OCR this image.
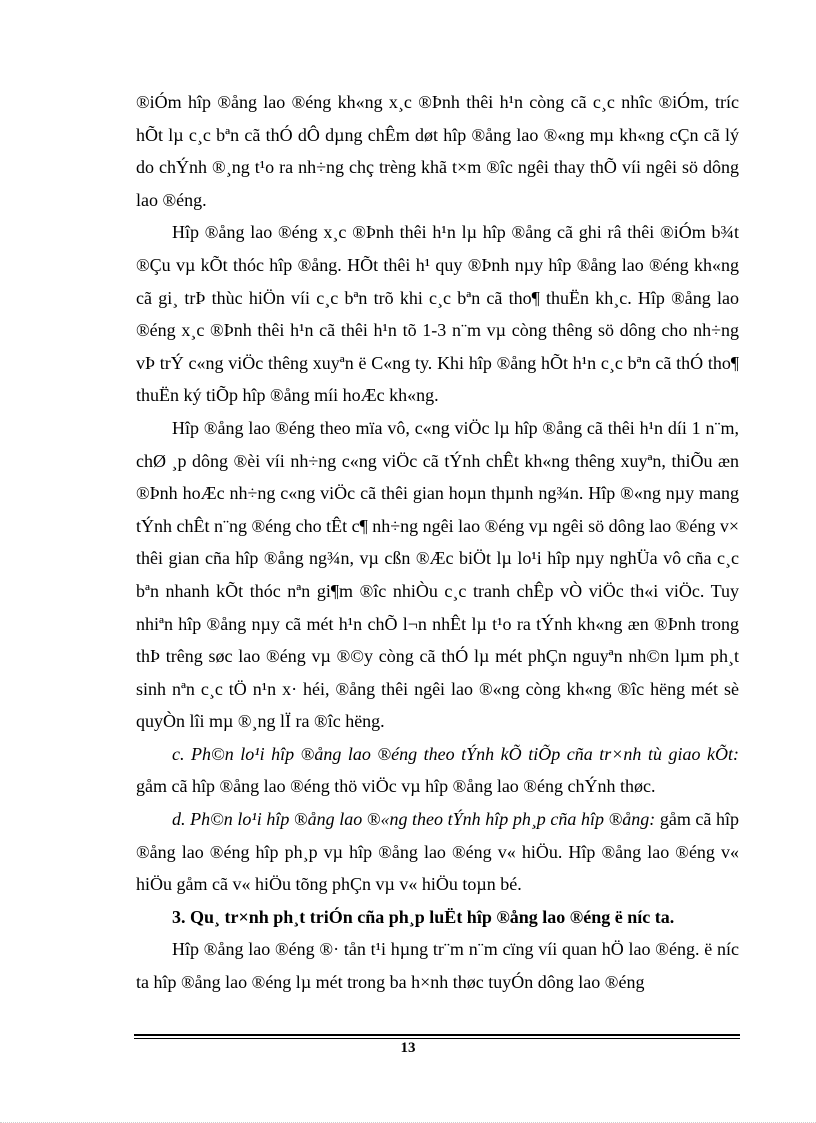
®iÓm hîp ®ång lao ®éng kh«ng x¸c ®Þnh thêi h¹n còng cã c¸c nhîc ®iÓm, tríc hÕt lµ c¸c bªn cã thÓ dÔ dµng chÊm døt hîp ®ång lao ®«ng mµ kh«ng cÇn cã lý do chÝnh ®¸ng t¹o ra nh÷ng chç trèng khã t×m ®îc ngêi thay thÕ víi ngêi sö dông lao ®éng.

Hîp ®ång lao ®éng x¸c ®Þnh thêi h¹n lµ hîp ®ång cã ghi râ thêi ®iÓm b¾t ®Çu vµ kÕt thóc hîp ®ång. HÕt thêi h¹ quy ®Þnh nµy hîp ®ång lao ®éng kh«ng cã gi¸ trÞ thùc hiÖn víi c¸c bªn trõ khi c¸c bªn cã tho¶ thuËn kh¸c. Hîp ®ång lao ®éng x¸c ®Þnh thêi h¹n cã thêi h¹n tõ 1-3 n¨m vµ còng thêng sö dông cho nh÷ng vÞ trÝ c«ng viÖc thêng xuyªn ë C«ng ty. Khi hîp ®ång hÕt h¹n c¸c bªn cã thÓ tho¶ thuËn ký tiÕp hîp ®ång míi hoÆc kh«ng.

Hîp ®ång lao ®éng theo mïa vô, c«ng viÖc lµ hîp ®ång cã thêi h¹n díi 1 n¨m, chØ ¸p dông ®èi víi nh÷ng c«ng viÖc cã tÝnh chÊt kh«ng thêng xuyªn, thiÕu æn ®Þnh hoÆc nh÷ng c«ng viÖc cã thêi gian hoµn thµnh ng¾n. Hîp ®«ng nµy mang tÝnh chÊt n¨ng ®éng cho tÊt c¶ nh÷ng ngêi lao ®éng vµ ngêi sö dông lao ®éng v× thêi gian cña hîp ®ång ng¾n, vµ cßn ®Æc biÖt lµ lo¹i hîp nµy nghÜa vô cña c¸c bªn nhanh kÕt thóc nªn gi¶m ®îc nhiÒu c¸c tranh chÊp vÒ viÖc th«i viÖc. Tuy nhiªn hîp ®ång nµy cã mét h¹n chÕ l¬n nhÊt lµ t¹o ra tÝnh kh«ng æn ®Þnh trong thÞ trêng søc lao ®éng vµ ®©y còng cã thÓ lµ mét phÇn nguyªn nh©n lµm ph¸t sinh nªn c¸c tÖ n¹n x· héi, ®ång thêi ngêi lao ®«ng còng kh«ng ®îc hëng mét sè quyÒn lîi mµ ®¸ng lÏ ra ®îc hëng.

c. Ph©n lo¹i hîp ®ång lao ®éng theo tÝnh kÕ tiÕp cña tr×nh tù giao kÕt: gåm cã hîp ®ång lao ®éng thö viÖc vµ hîp ®ång lao ®éng chÝnh thøc.

d. Ph©n lo¹i hîp ®ång lao ®«ng theo tÝnh hîp ph¸p cña hîp ®ång: gåm cã hîp ®ång lao ®éng hîp ph¸p vµ hîp ®ång lao ®éng v« hiÖu. Hîp ®ång lao ®éng v« hiÖu gåm cã v« hiÖu tõng phÇn vµ v« hiÖu toµn bé.

3. Qu¸ tr×nh ph¸t triÓn cña ph¸p luËt hîp ®ång lao ®éng ë níc ta.

Hîp ®ång lao ®éng ®· tån t¹i hµng tr¨m n¨m cïng víi quan hÖ lao ®éng. ë níc ta hîp ®ång lao ®éng lµ mét trong ba h×nh thøc tuyÓn dông lao ®éng

13
